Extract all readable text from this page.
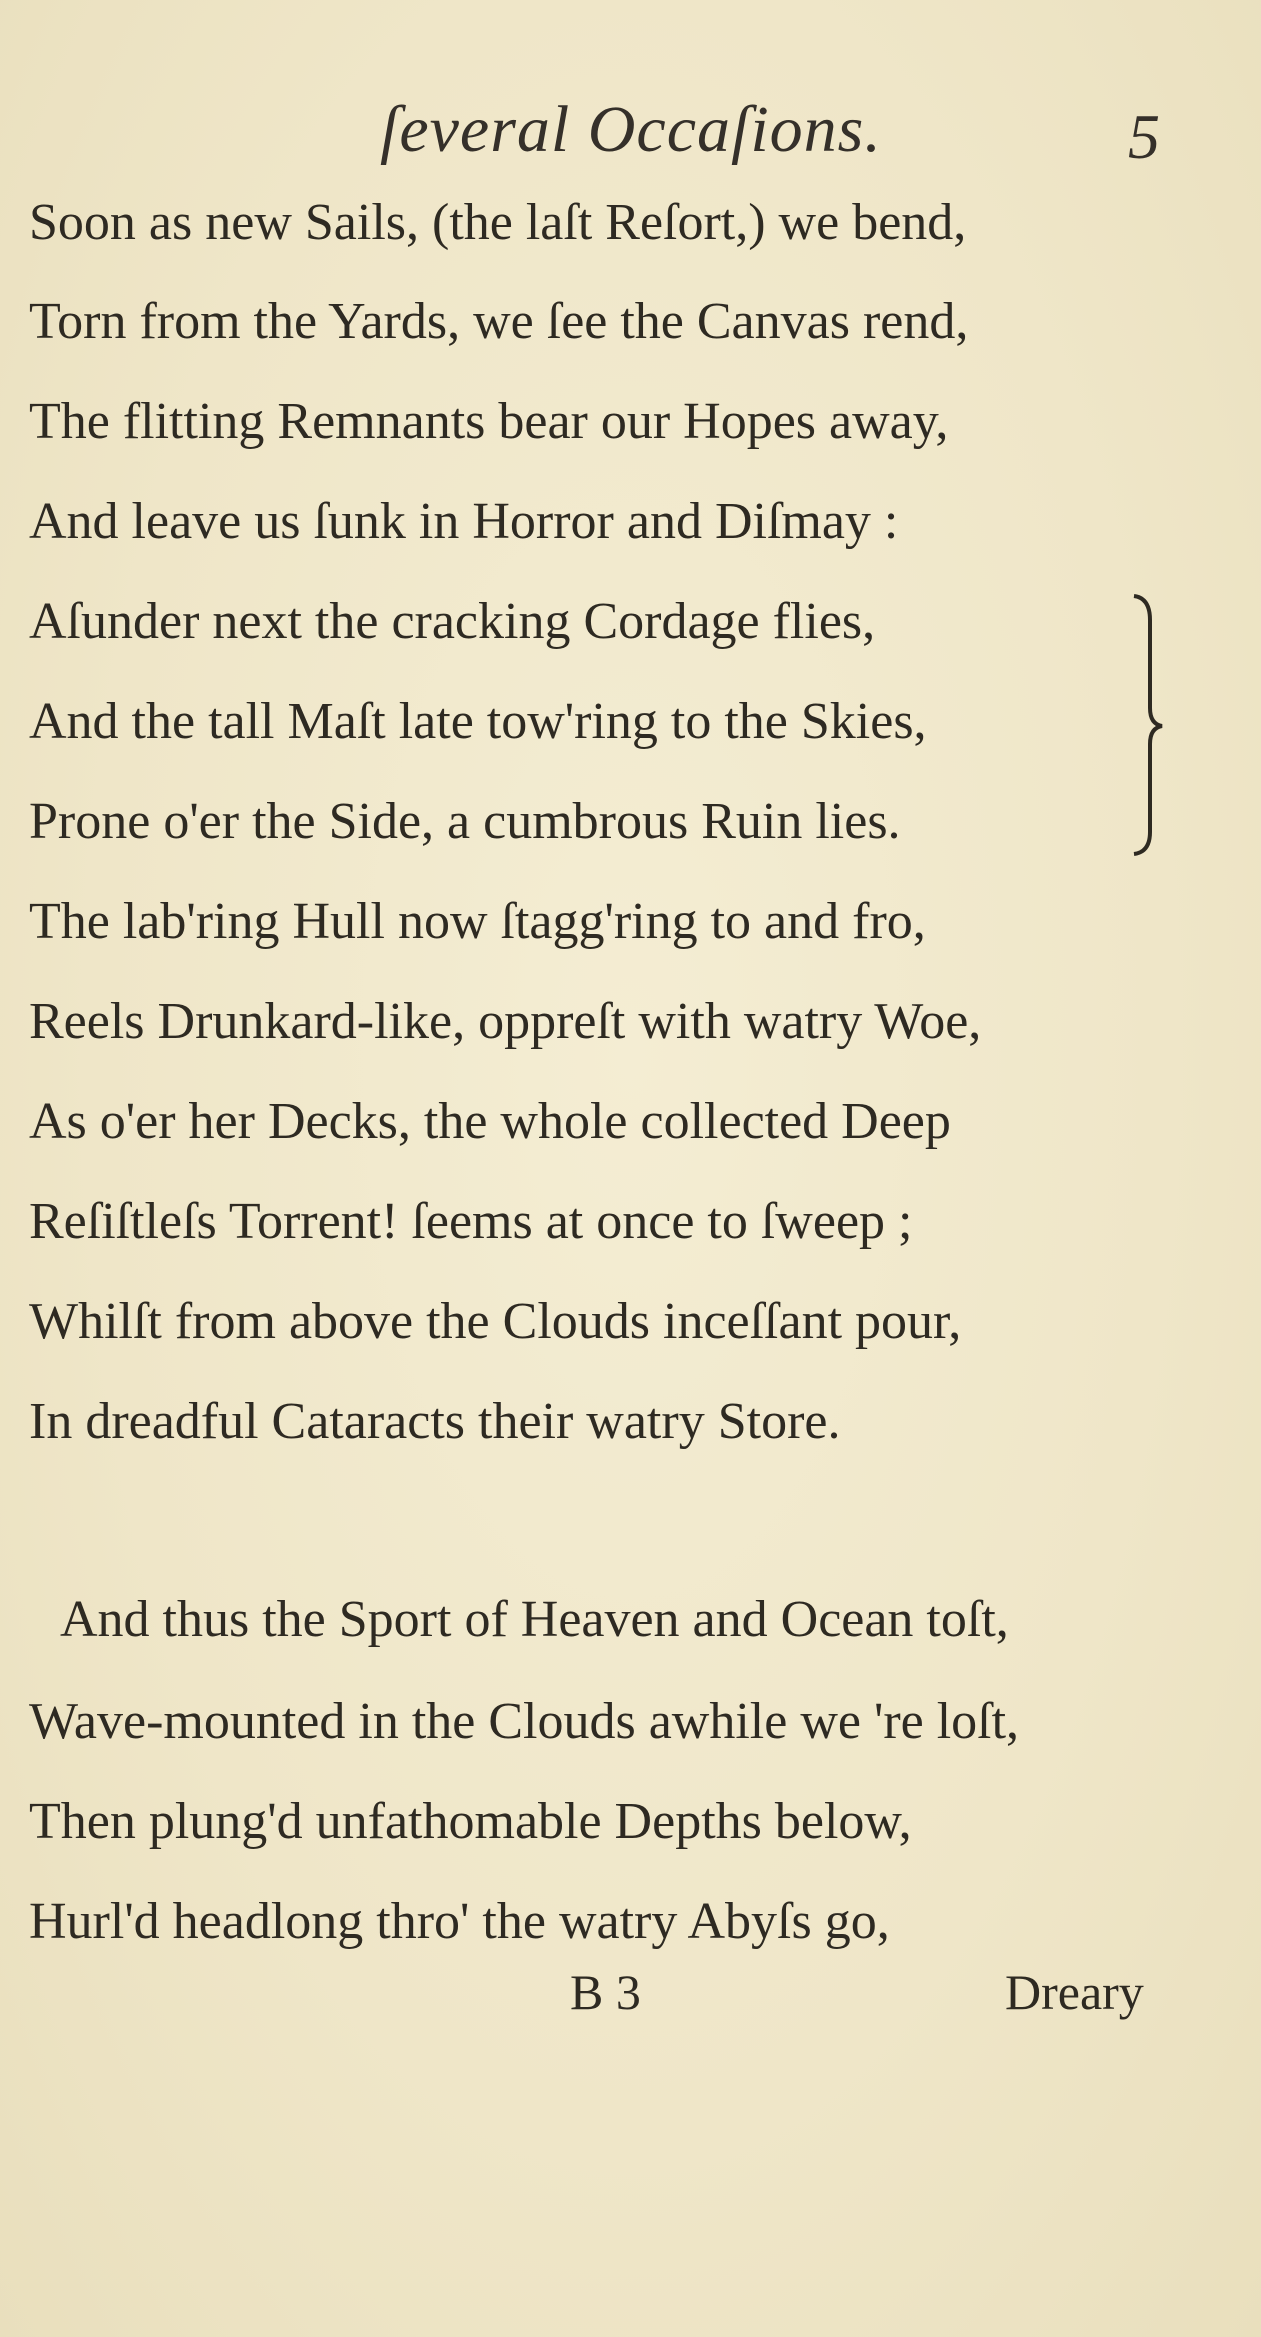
ſeveral Occaſions.	5
Soon as new Sails, (the laſt Reſort,) we bend,
Torn from the Yards, we ſee the Canvas rend,
The flitting Remnants bear our Hopes away,
And leave us ſunk in Horror and Diſmay :
Aſunder next the cracking Cordage flies,
And the tall Maſt late tow'ring to the Skies,
Prone o'er the Side, a cumbrous Ruin lies.
The lab'ring Hull now ſtagg'ring to and fro,
Reels Drunkard-like, oppreſt with watry Woe,
As o'er her Decks, the whole collected Deep
Reſiſtleſs Torrent! ſeems at once to ſweep ;
Whilſt from above the Clouds inceſſant pour,
In dreadful Cataracts their watry Store.
And thus the Sport of Heaven and Ocean toſt,
Wave-mounted in the Clouds awhile we 're loſt,
Then plung'd unfathomable Depths below,
Hurl'd headlong thro' the watry Abyſs go,
B 3	Dreary
